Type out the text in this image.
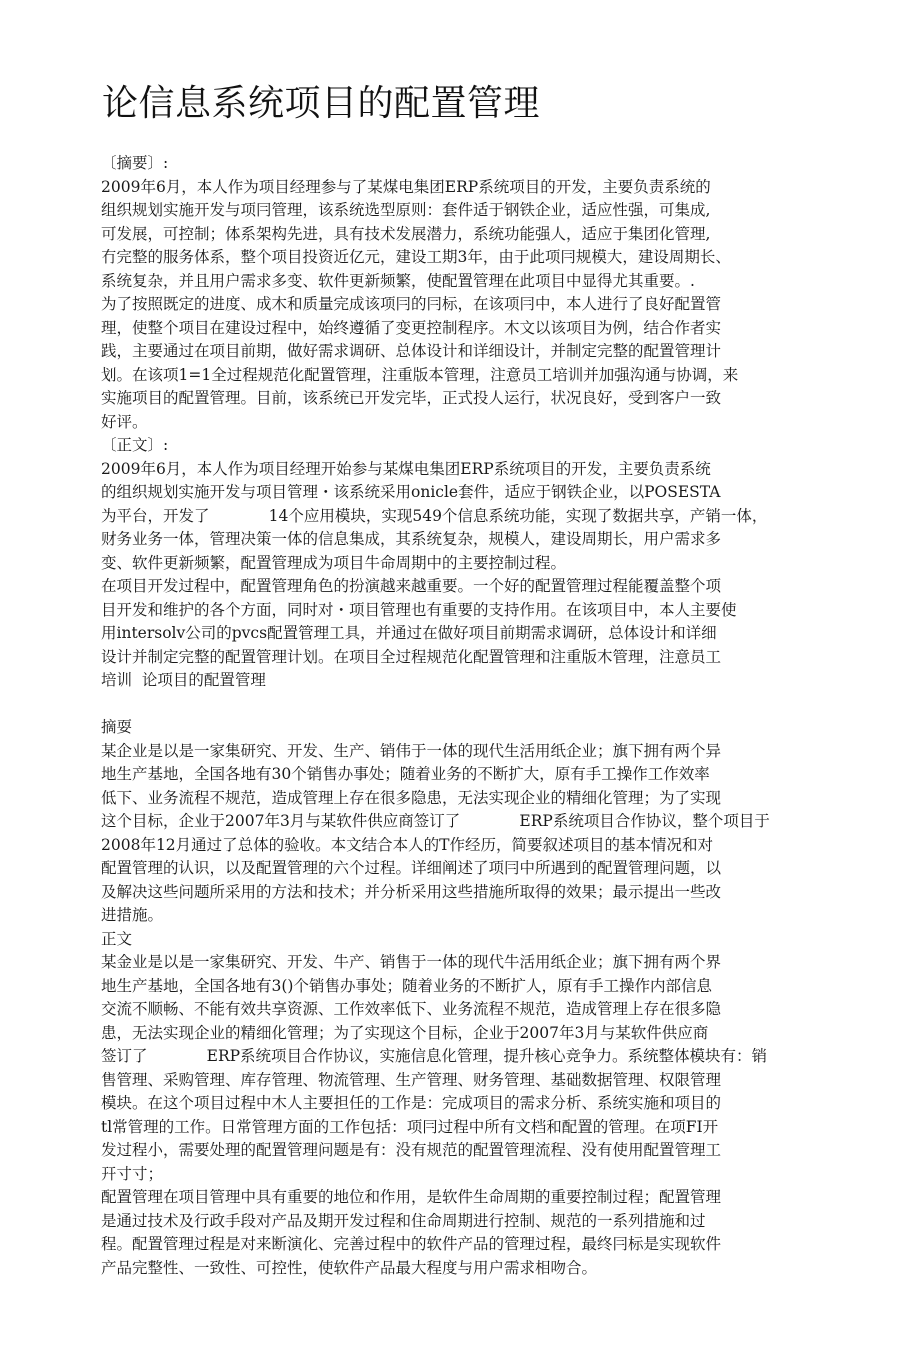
论信息系统项目的配置管理
〔摘要〕:
2009年6月，本人作为项目经理参与了某煤电集团ERP系统项目的开发，主要负责系统的
组织规划实施开发与项冃管理，该系统选型原则：套件适于钢铁企业，适应性强，可集成,
可发展，可控制；体系架构先进，具有技术发展潜力，系统功能强人，适应于集团化管理,
冇完整的服务体系，整个项目投资近亿元，建设工期3年，由于此项冃规模大，建设周期长、
系统复杂，并且用户需求多变、软件更新频繁，使配置管理在此项目中显得尤其重要。.
为了按照既定的进度、成木和质量完成该项冃的冃标，在该项冃中，本人进行了良好配置管
理，使整个项目在建设过程中，始终遵循了变更控制程序。木文以该项目为例，结合作者实
践，主要通过在项目前期，做好需求调研、总体设计和详细设计，并制定完整的配置管理计
划。在该项1=1全过程规范化配置管理，注重版本管理，注意员工培训并加强沟通与协调，来
实施项目的配置管理。目前，该系统已开发完毕，正式投人运行，状况良好，受到客户一致
好评。
〔正文〕:
2009年6月，本人作为项目经理开始参与某煤电集团ERP系统项目的开发，主要负责系统
的组织规划实施开发与项目管理・该系统采用onicle套件，适应于钢铁企业，以POSESTA
为平台，开发了            14个应用模块，实现549个信息系统功能，实现了数据共享，产销一体，
财务业务一体，管理决策一体的信息集成，其系统复杂，规模人，建设周期长，用户需求多
变、软件更新频繁，配置管理成为项目牛命周期中的主要控制过程。
在项目开发过程中，配置管理角色的扮演越来越重要。一个好的配置管理过程能覆盖整个项
目开发和维护的各个方面，同时对・项目管理也有重要的支持作用。在该项目中，本人主要使
用intersolv公司的pvcs配置管理工具，并通过在做好项目前期需求调研，总体设计和详细
设计并制定完整的配置管理计划。在项目全过程规范化配置管理和注重版木管理，注意员工
培训  论项目的配置管理
摘耍
某企业是以是一家集研究、开发、生产、销伟于一体的现代生活用纸企业；旗下拥有两个异
地生产基地，全国各地有30个销售办事处；随着业务的不断扩大，原有手工操作工作效率
低下、业务流程不规范，造成管理上存在很多隐患，无法实现企业的精细化管理；为了实现
这个目标，企业于2007年3月与某软件供应商签订了            ERP系统项目合作协议，整个项目于
2008年12月通过了总体的验收。本文结合本人的T作经历，简要叙述项目的基本情况和对
配置管理的认识，以及配置管理的六个过程。详细阐述了项冃中所遇到的配置管理问题，以
及解决这些问题所采用的方法和技术；并分析采用这些措施所取得的效果；最示提出一些改
进措施。
正文
某金业是以是一家集研究、开发、牛产、销售于一体的现代牛活用纸企业；旗下拥有两个界
地生产基地，全国各地有3()个销售办事处；随着业务的不断扩人，原有手工操作内部信息
交流不顺畅、不能有效共享资源、工作效率低下、业务流程不规范，造成管理上存在很多隐
患，无法实现企业的精细化管理；为了实现这个目标，企业于2007年3月与某软件供应商
签订了            ERP系统项目合作协议，实施信息化管理，提升核心竞争力。系统整体模块有：销
售管理、采购管理、库存管理、物流管理、生产管理、财务管理、基础数据管理、权限管理
模块。在这个项目过程中木人主要担任的工作是：完成项目的需求分析、系统实施和项目的
tl常管理的工作。日常管理方面的工作包括：项冃过程中所有文档和配置的管理。在项FI开
发过程小，需要处理的配置管理问题是有：没有规范的配置管理流程、没有使用配置管理工
幵寸寸；
配置管理在项目管理中具有重要的地位和作用，是软件生命周期的重要控制过程；配置管理
是通过技术及行政手段对产品及期开发过程和住命周期进行控制、规范的一系列措施和过
程。配置管理过程是对来断演化、完善过程中的软件产品的管理过程，最终冃标是实现软件
产品完整性、一致性、可控性，使软件产品最大程度与用户需求相吻合。
